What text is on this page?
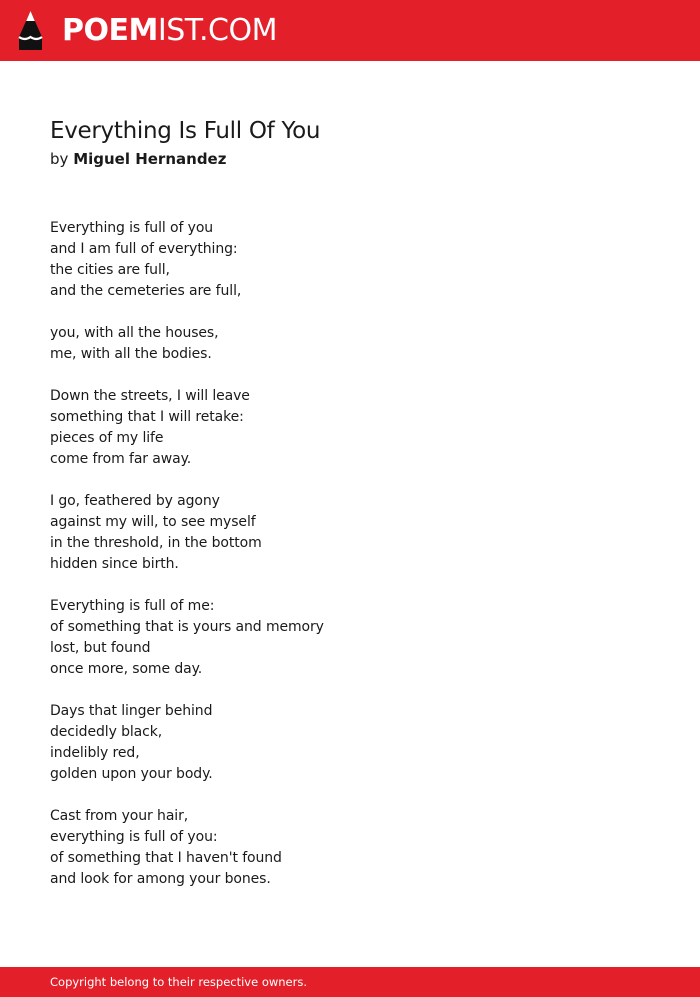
POEMIST.COM
Everything Is Full Of You
by Miguel Hernandez
Everything is full of you
and I am full of everything:
the cities are full,
and the cemeteries are full,
you, with all the houses,
me, with all the bodies.
Down the streets, I will leave
something that I will retake:
pieces of my life
come from far away.
I go, feathered by agony
against my will, to see myself
in the threshold, in the bottom
hidden since birth.
Everything is full of me:
of something that is yours and memory
lost, but found
once more, some day.
Days that linger behind
decidedly black,
indelibly red,
golden upon your body.
Cast from your hair,
everything is full of you:
of something that I haven't found
and look for among your bones.
Copyright belong to their respective owners.
